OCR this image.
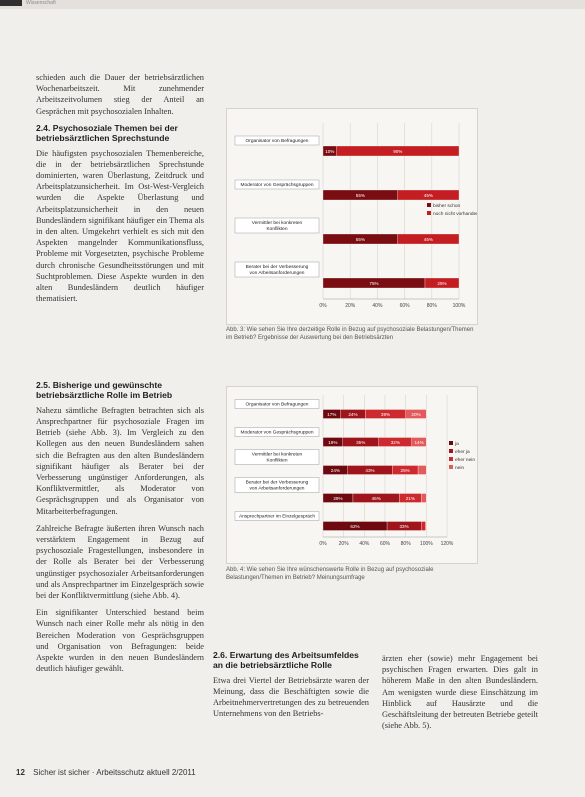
Wissenschaft

schieden auch die Dauer der betriebsärztlichen Wochenarbeitszeit. Mit zunehmender Arbeitszeitvolumen stieg der Anteil an Gesprächen mit psychosozialen Inhalten.

2.4. Psychosoziale Themen bei der betriebsärztlichen Sprechstunde

Die häufigsten psychosozialen Themenbereiche, die in der betriebsärztlichen Sprechstunde dominierten, waren Überlastung, Zeitdruck und Arbeitsplatzunsicherheit. Im Ost-West-Vergleich wurden die Aspekte Überlastung und Arbeitsplatzunsicherheit in den neuen Bundesländern signifikant häufiger ein Thema als in den alten. Umgekehrt verhielt es sich mit den Aspekten mangelnder Kommunikationsfluss, Probleme mit Vorgesetzten, psychische Probleme durch chronische Gesundheitsstörungen und mit Suchtproblemen. Diese Aspekte wurden in den alten Bundesländern deutlich häufiger thematisiert.

2.5. Bisherige und gewünschte betriebsärztliche Rolle im Betrieb

Nahezu sämtliche Befragten betrachten sich als Ansprechpartner für psychosoziale Fragen im Betrieb (siehe Abb. 3). Im Vergleich zu den Kollegen aus den neuen Bundesländern sahen sich die Befragten aus den alten Bundesländern signifikant häufiger als Berater bei der Verbesserung ungünstiger Anforderungen, als Konfliktvermittler, als Moderator von Gesprächsgruppen und als Organisator von Mitarbeiterbefragungen.

Zahlreiche Befragte äußerten ihren Wunsch nach verstärktem Engagement in Bezug auf psychosoziale Fragestellungen, insbesondere in der Rolle als Berater bei der Verbesserung ungünstiger psychosozialer Arbeitsanforderungen und als Ansprechpartner im Einzelgespräch sowie bei der Konfliktvermittlung (siehe Abb. 4).

Ein signifikanter Unterschied bestand beim Wunsch nach einer Rolle mehr als nötig in den Bereichen Moderation von Gesprächsgruppen und Organisation von Befragungen: beide Aspekte wurden in den neuen Bundesländern deutlich häufiger gewählt.

0%	20%	40%	60%	80%	100%
Organisator von Befragungen
10%	90%
Moderator von Gesprächsgruppen
55%	45%
Vermittler bei konkreten
Konflikten
55%	45%
Berater bei der Verbesserung
von Arbeitsanforderungen
75%	25%
bisher schon
noch nicht vorhanden
Abb. 3: Wie sehen Sie Ihre derzeitige Rolle in Bezug auf psychosoziale Belastungen/Themen im Betrieb? Ergebnisse der Auswertung bei den Betriebsärzten
0% 20% 40% 60% 80% 100% 120%
Organisator von Befragungen
17%	24%	39%	20%
Moderator von Gesprächsgruppen
19%	35%	32%	14%
Vermittler bei konkreten
Konflikten
24%	43%	25%
Berater bei der Verbesserung
von Arbeitsanforderungen
29%	45%	21%
Ansprechpartner im Einzelgespräch
62%	33%
ja
eher ja
eher nein
nein
Abb. 4: Wie sehen Sie Ihre wünschenswerte Rolle in Bezug auf psychosoziale Belastungen/Themen im Betrieb? Meinungsumfrage
2.6. Erwartung des Arbeitsumfeldes an die betriebsärztliche Rolle
Etwa drei Viertel der Betriebsärzte waren der Meinung, dass die Beschäftigten sowie die Arbeitnehmervertretungen des zu betreuenden Unternehmens von den Betriebs-
ärzten eher (sowie) mehr Engagement bei psychischen Fragen erwarten. Dies galt in höherem Maße in den alten Bundesländern. Am wenigsten wurde diese Einschätzung im Hinblick auf Hausärzte und die Geschäftsleitung der betreuten Betriebe geteilt (siehe Abb. 5).
12 Sicher ist sicher · Arbeitsschutz aktuell 2/2011
